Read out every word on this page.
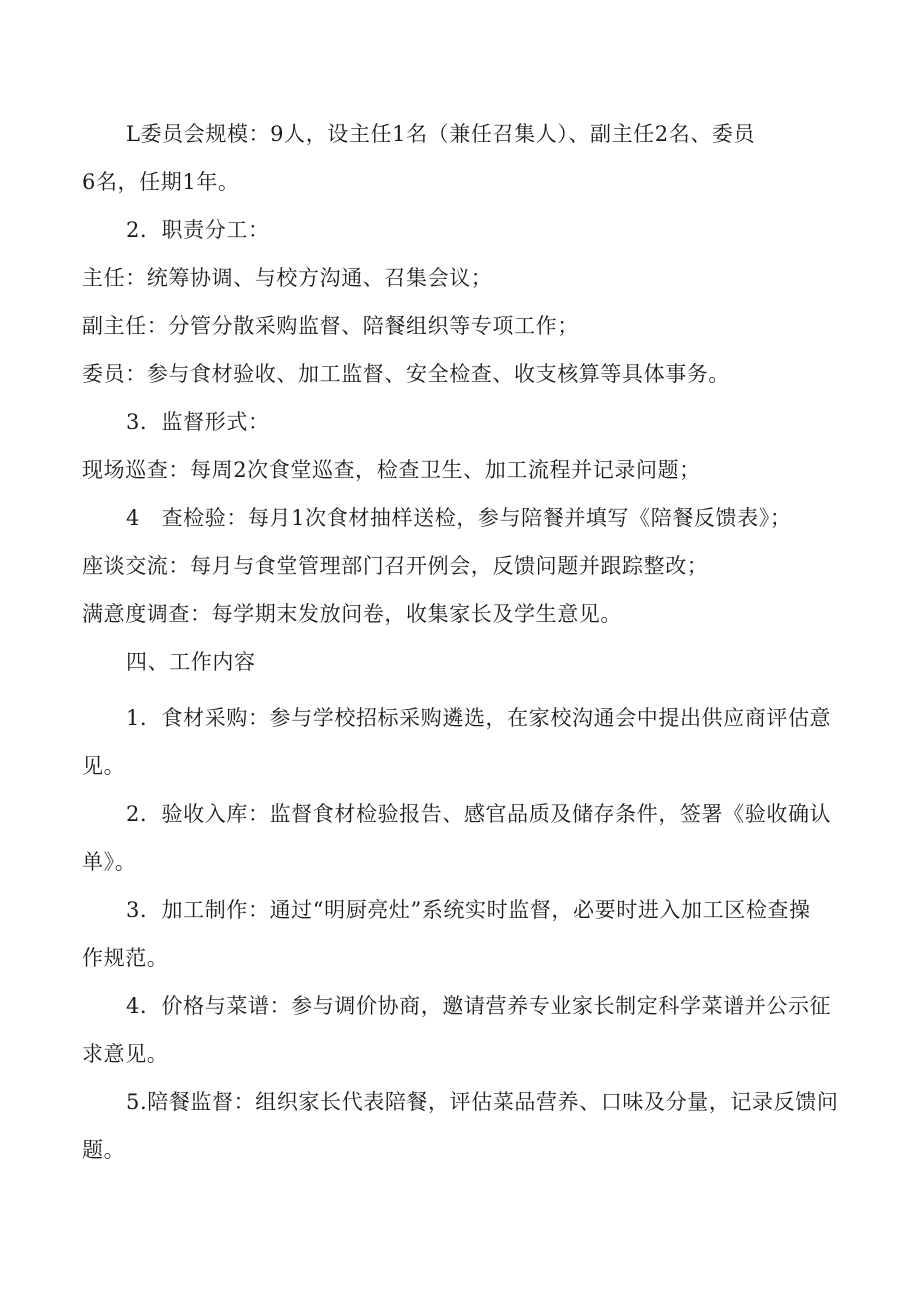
L委员会规模：9人，设主任1名（兼任召集人）、副主任2名、委员
6名，任期1年。
2．职责分工：
主任：统筹协调、与校方沟通、召集会议；
副主任：分管分散采购监督、陪餐组织等专项工作；
委员：参与食材验收、加工监督、安全检查、收支核算等具体事务。
3．监督形式：
现场巡查：每周2次食堂巡查，检查卫生、加工流程并记录问题；
4　查检验：每月1次食材抽样送检，参与陪餐并填写《陪餐反馈表》；
座谈交流：每月与食堂管理部门召开例会，反馈问题并跟踪整改；
满意度调查：每学期末发放问卷，收集家长及学生意见。
四、工作内容
1．食材采购：参与学校招标采购遴选，在家校沟通会中提出供应商评估意
见。
2．验收入库：监督食材检验报告、感官品质及储存条件，签署《验收确认
单》。
3．加工制作：通过“明厨亮灶”系统实时监督，必要时进入加工区检查操
作规范。
4．价格与菜谱：参与调价协商，邀请营养专业家长制定科学菜谱并公示征
求意见。
5.陪餐监督：组织家长代表陪餐，评估菜品营养、口味及分量，记录反馈问
题。
